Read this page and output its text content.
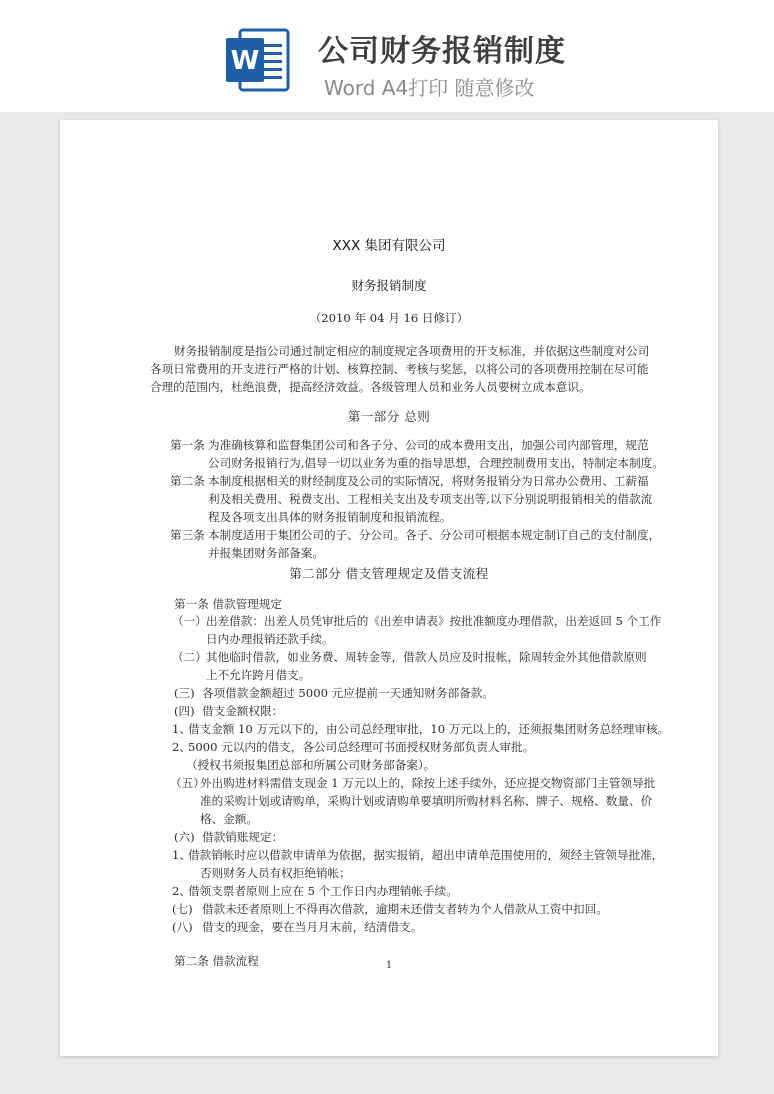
W 公司财务报销制度
Word A4打印 随意修改

XXX 集团有限公司
财务报销制度
（2010 年 04 月 16 日修订）
财务报销制度是指公司通过制定相应的制度规定各项费用的开支标准，并依据这些制度对公司
各项日常费用的开支进行严格的计划、核算控制、考核与奖惩，以将公司的各项费用控制在尽可能
合理的范围内，杜绝浪费，提高经济效益。各级管理人员和业务人员要树立成本意识。
第一部分 总则
第一条 为准确核算和监督集团公司和各子分、公司的成本费用支出，加强公司内部管理，规范
公司财务报销行为,倡导一切以业务为重的指导思想，合理控制费用支出，特制定本制度。
第二条 本制度根据相关的财经制度及公司的实际情况，将财务报销分为日常办公费用、工薪福
利及相关费用、税费支出、工程相关支出及专项支出等,以下分别说明报销相关的借款流
程及各项支出具体的财务报销制度和报销流程。
第三条 本制度适用于集团公司的子、分公司。各子、分公司可根据本规定制订自己的支付制度，
并报集团财务部备案。
第二部分 借支管理规定及借支流程
第一条 借款管理规定
（一） 出差借款：出差人员凭审批后的《出差申请表》按批准额度办理借款，出差返回 5 个工作
日内办理报销还款手续。
（二） 其他临时借款，如业务费、周转金等，借款人员应及时报帐，除周转金外其他借款原则
上不允许跨月借支。
(三) 各项借款金额超过 5000 元应提前一天通知财务部备款。
(四) 借支金额权限：
1、
借支金额 10 万元以下的，由公司总经理审批，10 万元以上的，还须报集团财务总经理审核。
2、
5000 元以内的借支，各公司总经理可书面授权财务部负责人审批。
（授权书须报集团总部和所属公司财务部备案）。
（五）
外出购进材料需借支现金 1 万元以上的，除按上述手续外，还应提交物资部门主管领导批
准的采购计划或请购单，采购计划或请购单要填明所购材料名称、牌子、规格、数量、价
格、金额。
(六) 借款销账规定：
1、
借款销帐时应以借款申请单为依据，据实报销，超出申请单范围使用的，须经主管领导批准，
否则财务人员有权拒绝销帐；
2、
借领支票者原则上应在 5 个工作日内办理销帐手续。
(七) 借款未还者原则上不得再次借款，逾期未还借支者转为个人借款从工资中扣回。
(八) 借支的现金，要在当月月末前，结清借支。
第二条 借款流程	1
